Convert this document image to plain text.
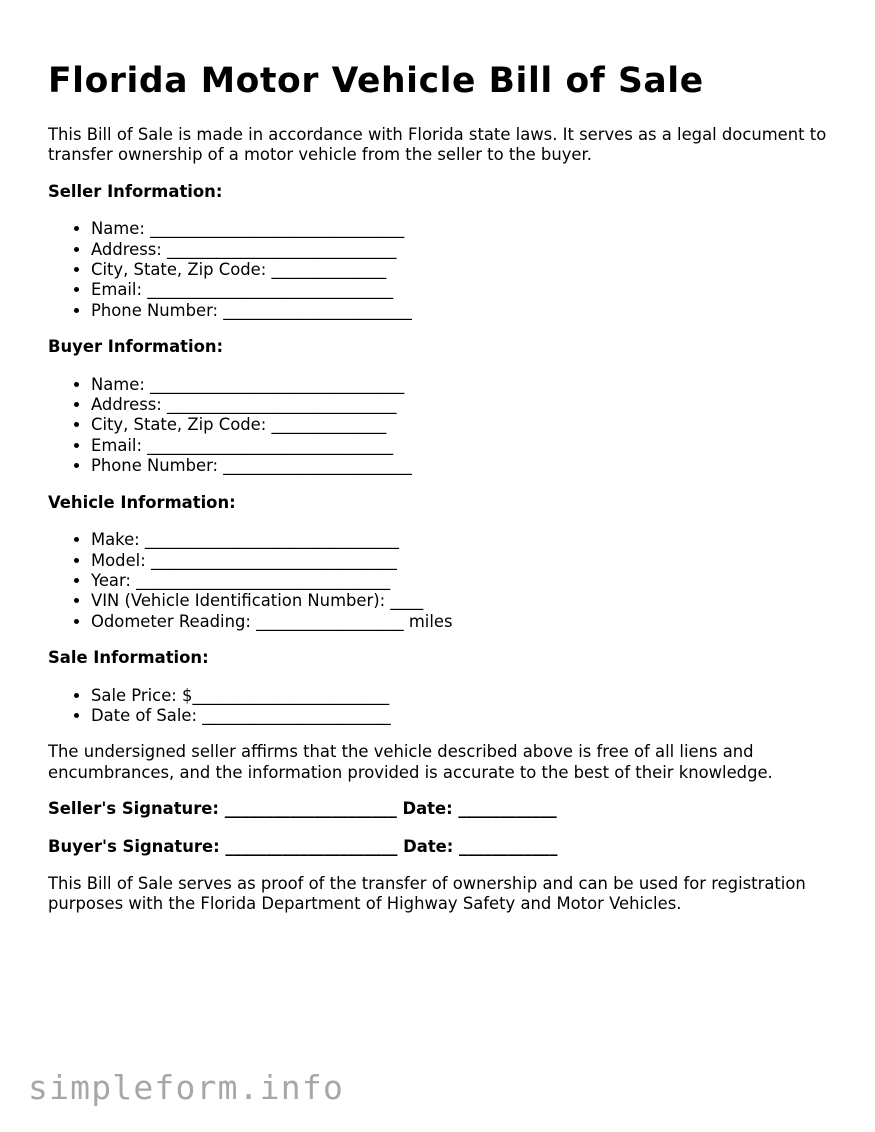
Florida Motor Vehicle Bill of Sale

This Bill of Sale is made in accordance with Florida state laws. It serves as a legal document to transfer ownership of a motor vehicle from the seller to the buyer.

Seller Information:
• Name: _______________________________
• Address: ____________________________
• City, State, Zip Code: ______________
• Email: ______________________________
• Phone Number: _______________________
Buyer Information:
• Name: _______________________________
• Address: ____________________________
• City, State, Zip Code: ______________
• Email: ______________________________
• Phone Number: _______________________
Vehicle Information:
• Make: _______________________________
• Model: ______________________________
• Year: _______________________________
• VIN (Vehicle Identification Number): ____
• Odometer Reading: __________________ miles
Sale Information:
• Sale Price: $________________________
• Date of Sale: _______________________

The undersigned seller affirms that the vehicle described above is free of all liens and encumbrances, and the information provided is accurate to the best of their knowledge.

Seller's Signature: _____________________ Date: ____________
Buyer's Signature: _____________________ Date: ____________

This Bill of Sale serves as proof of the transfer of ownership and can be used for registration purposes with the Florida Department of Highway Safety and Motor Vehicles.

simpleform.info
